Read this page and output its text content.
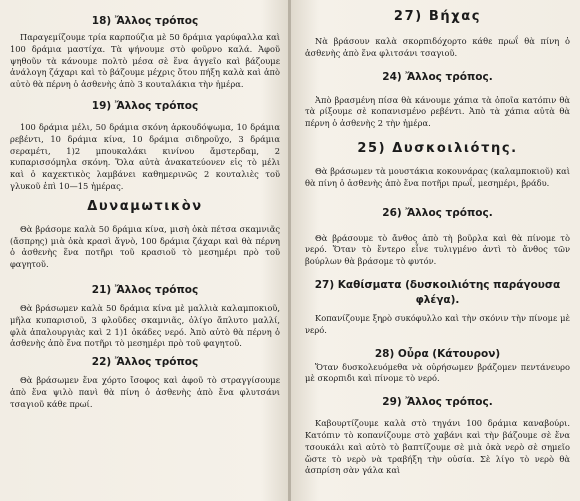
18) Ἄλλος τρόπος

Παραγεμίζουμε τρία καρπούζια μὲ 50 δράμια γαρύφαλλα καὶ 100 δράμια μαστίχα. Τὰ ψήνουμε στὸ φοῦρνο καλά. Ἀφοῦ ψηθοῦν τὰ κάνουμε πολτὸ μέσα σὲ ἕνα ἀγγεῖο καὶ βάζουμε ἀνάλογη ζάχαρι καὶ τὸ βάζουμε μέχρις ὅτου πήξη καλὰ καὶ ἀπὸ αὐτὸ θὰ πέρνη ὁ ἀσθενὴς ἀπὸ 3 κουταλάκια τὴν ἡμέρα.

19) Ἄλλος τρόπος

100 δράμια μέλι, 50 δράμια σκόνη ἀρκουδόψωμα, 10 δράμια ρεβέντι, 10 δράμια κίνα, 10 δράμια σιδηροῦχο, 3 δράμια σεραμέτι, 1)2 μπουκαλάκι κινίνου ἄμστερδαμ, 2 κυπαρισσόμηλα σκόνη. Ὅλα αὐτὰ ἀνακατεύονεν εἰς τὸ μέλι καὶ ὁ καχεκτικὸς λαμβάνει καθημερινῶς 2 κουταλιὲς τοῦ γλυκοῦ ἐπὶ 10—15 ἡμέρας.

Δυναμωτικὸν

Θὰ βράσομε καλὰ 50 δράμια κίνα, μισὴ ὀκὰ πέτσα σκαμνιᾶς (ἄσπρης) μιὰ ὀκὰ κρασὶ ἄγνὸ, 100 δράμια ζάχαρι καὶ θὰ πέρνη ὁ ἀσθενὴς ἕνα ποτῆρι τοῦ κρασιοῦ τὸ μεσημέρι πρὸ τοῦ φαγητοῦ.

21) Ἄλλος τρόπος

Θὰ βράσωμεν καλὰ 50 δράμια κίνα μὲ μαλλιὰ καλαμποκιοῦ, μῆλα κυπαρισιοῦ, 3 φλοῦδες σκαμνιᾶς, ὀλίγο ἄπλυτο μαλλί, φλὰ ἀπαλουργιὰς καὶ 2 1)1 ὀκάδες νερό. Ἀπὸ αὐτὸ θὰ πέρνη ὁ ἀσθενὴς ἀπὸ ἕνα ποτῆρι τὸ μεσημέρι πρὸ τοῦ φαγητοῦ.

22) Ἄλλος τρόπος

Θὰ βράσωμεν ἕνα χόρτο ἴσοφος καὶ ἀφοῦ τὸ στραγγίσουμε ἀπὸ ἕνα ψιλὸ πανὶ θὰ πίνη ὁ ἀσθενὴς ἀπὸ ἕνα φλυτσάνι τσαγιοῦ κάθε πρωί.

27) Βήχας

Νὰ βράσουν καλὰ σκορπιδόχορτο κάθε πρωΐ θὰ πίνη ὁ ἀσθενὴς ἀπὸ ἕνα φλιτσάνι τσαγιοῦ.

24) Ἄλλος τρόπος.

Ἀπὸ βρασμένη πίσα θὰ κάνουμε χάπια τὰ ὁποῖα κατόπιν θὰ τὰ ρίξουμε σὲ κοπανισμένο ρεβέντι. Ἀπὸ τὰ χάπια αὐτὰ θὰ πέρνη ὁ ἀσθενὴς 2 τὴν ἡμέρα.

25) Δυσκοιλιότης.

Θὰ βράσωμεν τὰ μουστάκια κοκουνάρας (καλαμποκιοῦ) καὶ θὰ πίνη ὁ ἀσθενὴς ἀπὸ ἕνα ποτῆρι πρωΐ, μεσημέρι, βράδυ.

26) Ἄλλος τρόπος.

Θὰ βράσουμε τὸ ἄνθος ἀπὸ τὴ βοῦρλα καὶ θὰ πίνομε τὸ νερό. Ὅταν τὸ ἔντερο εἶνε τυλιγμένο ἀντὶ τὸ ἄνθος τῶν βούρλων θὰ βράσομε τὸ φυτόν.

27) Καθίσματα (δυσκοιλιότης παράγουσα φλέγα).

Κοπανίζουμε ξηρὸ συκόφυλλο καὶ τὴν σκόνιν τὴν πίνομε μὲ νερό.

28) Οὖρα (Κάτουρον)

Ὅταν δυσκολευόμεθα νὰ οὐρήσωμεν βράζομεν πεντάνευρο μὲ σκορπιδι καὶ πίνομε τὸ νερό.

29) Ἄλλος τρόπος.

Καβουρτίζουμε καλὰ στὸ τηγάνι 100 δράμια καναβούρι. Κατόπιν τὸ κοπανίζουμε στὸ χαβάνι καὶ τὴν βάζουμε σὲ ἕνα τσουκάλι καὶ αὐτὸ τὸ βαπτίζουμε σὲ μιὰ ὀκὰ νερὸ σὲ σημεῖο ὥστε τὸ νερὸ νὰ τραβήξη τὴν οὐσία. Σὲ λίγο τὸ νερὸ θὰ ἀσπρίση σὰν γάλα καὶ
